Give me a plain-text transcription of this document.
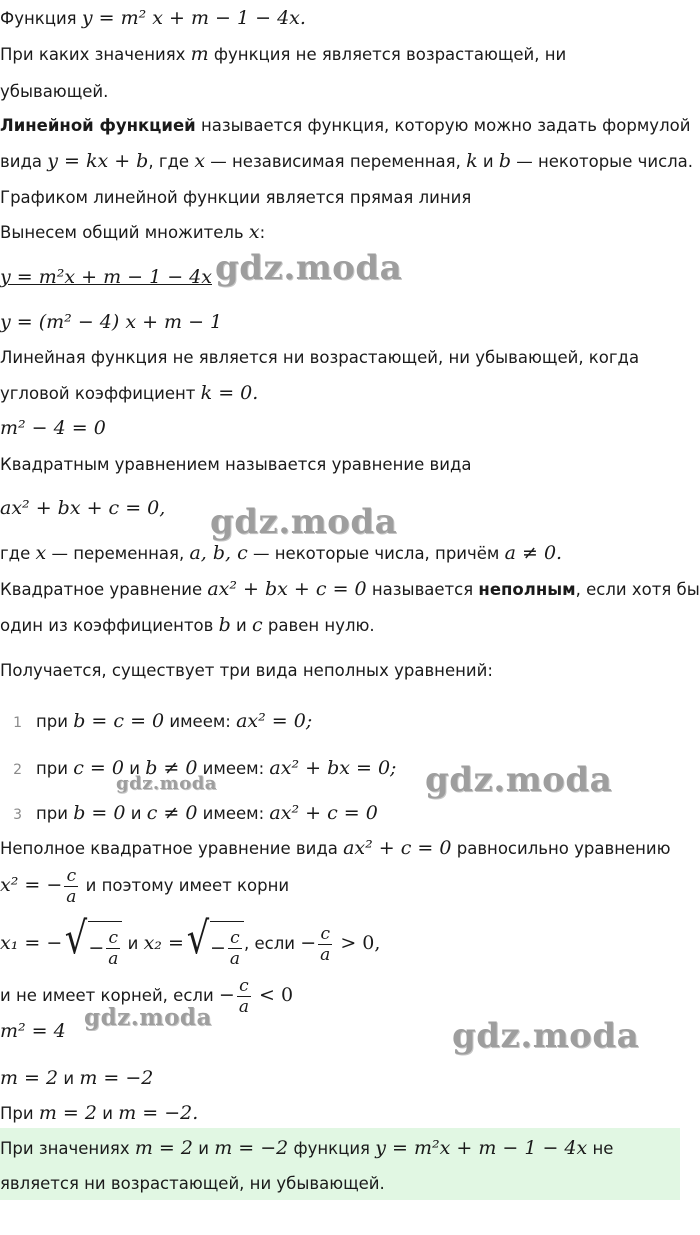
Функция y = m² x + m − 1 − 4x.
При каких значениях m функция не является возрастающей, ни
убывающей.
Линейной функцией называется функция, которую можно задать формулой
вида y = kx + b, где x — независимая переменная, k и b — некоторые числа.
Графиком линейной функции является прямая линия
Вынесем общий множитель x:
y = m²x + m − 1 − 4x gdz.moda
y = (m² − 4) x + m − 1
Линейная функция не является ни возрастающей, ни убывающей, когда
угловой коэффициент k = 0.
m² − 4 = 0
Квадратным уравнением называется уравнение вида
ax² + bx + c = 0, gdz.moda
где x — переменная, a, b, c — некоторые числа, причём a ≠ 0.
Квадратное уравнение ax² + bx + c = 0 называется неполным, если хотя бы
один из коэффициентов b и c равен нулю.
Получается, существует три вида неполных уравнений:
1 при b = c = 0 имеем: ax² = 0;
2 при c = 0 и b ≠ 0 имеем: ax² + bx = 0;
gdz.moda	gdz.moda
3 при b = 0 и c ≠ 0 имеем: ax² + c = 0
Неполное квадратное уравнение вида ax² + c = 0 равносильно уравнению
x² = − $\frac{c}{a}$ и поэтому имеет корни
x₁ = − √ − $\frac{c}{a}$ и x₂ = √ − $\frac{c}{a}$ , если − $\frac{c}{a} > 0$,
и не имеет корней, если − $\frac{c}{a} < 0$
m² = 4 gdz.moda	gdz.moda
m = 2 и m = −2
При m = 2 и m = −2.
При значениях m = 2 и m = −2 функция y = m²x + m − 1 − 4x не
является ни возрастающей, ни убывающей.
